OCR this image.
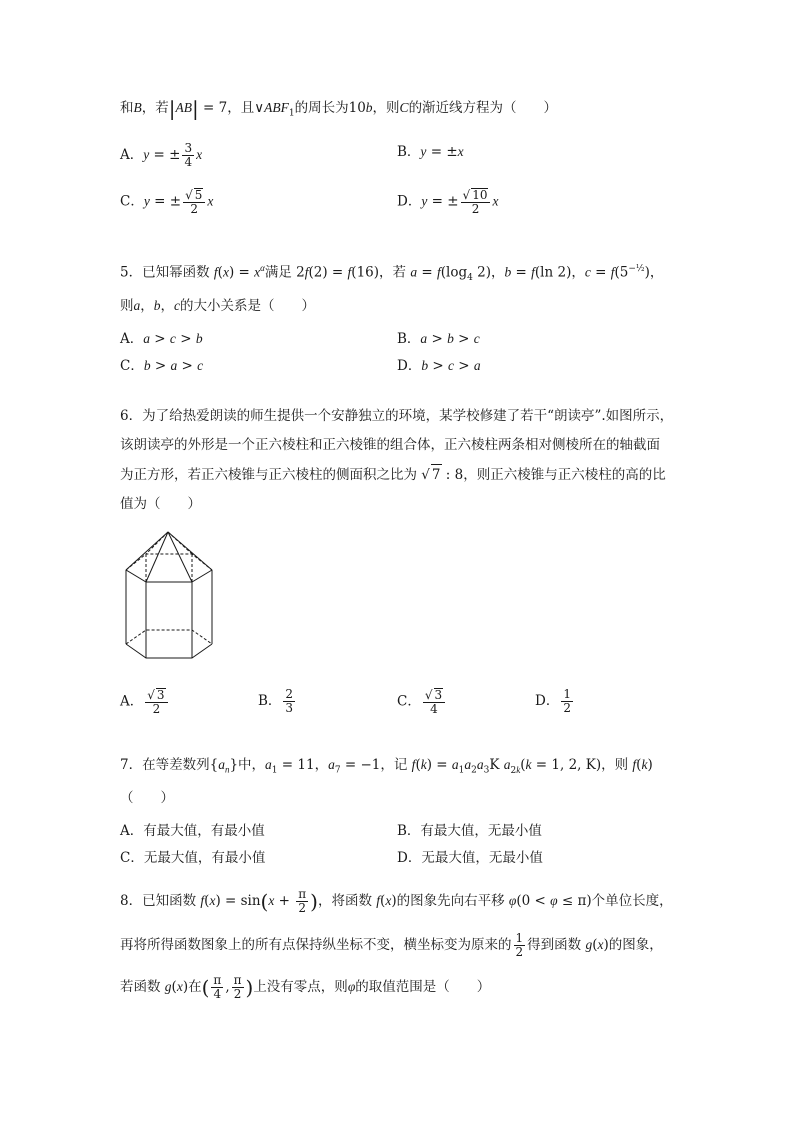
和B，若|AB| = 7，且$\vee ABF_1$的周长为10b，则C的渐近线方程为（　　）
A．y = ± $\frac{3}{4}$ x	B．y = ±x
C．y = ± $\frac{√ 5}{2}$ x	D．y = ± $\frac{√ 10}{2}$ x
5．已知幂函数 $f(x) = x^\alpha$满足 2f(2) = f(16)，若 $a = f(\log_4$ 2)，b = f(ln 2)，$c = f(5^{-\frac{1}{2}})$，
则a，b，c的大小关系是（　　）
A．a > c > b	B．a > b > c
C．b > a > c	D．b > c > a
6．为了给热爱朗读的师生提供一个安静独立的环境，某学校修建了若干“朗读亭”.如图所示，
该朗读亭的外形是一个正六棱柱和正六棱锥的组合体，正六棱柱两条相对侧棱所在的轴截面
为正方形，若正六棱锥与正六棱柱的侧面积之比为 √ 7 : 8，则正六棱锥与正六棱柱的高的比
值为（　　）
A． $\frac{√ 3}{2}$	B． $\frac{2}{3}$	C． $\frac{√ 3}{4}$	D． $\frac{1}{2}$
7．在等差数列$\{a_n\}$中，$a_1 = 11$，$a_7 = -1$，记 $f(k) = a_1a_2a_3K$ $a_{2k}(k = 1$, 2, K)，则 f(k)
（　　）
A．有最大值，有最小值	B．有最大值，无最小值
C．无最大值，有最小值	D．无最大值，无最小值
8．已知函数 $f(x) = \sin(x + \frac{\pi}{2}$ )，将函数 f(x)的图象先向右平移 φ(0 < φ ≤ π)个单位长度，
再将所得函数图象上的所有点保持纵坐标不变，横坐标变为原来的 $\frac{1}{2}$ 得到函数 g(x)的图象，
若函数 g(x)在( $\frac{\pi}{4}$ , $\frac{\pi}{2}$ )上没有零点，则φ的取值范围是（　　）
